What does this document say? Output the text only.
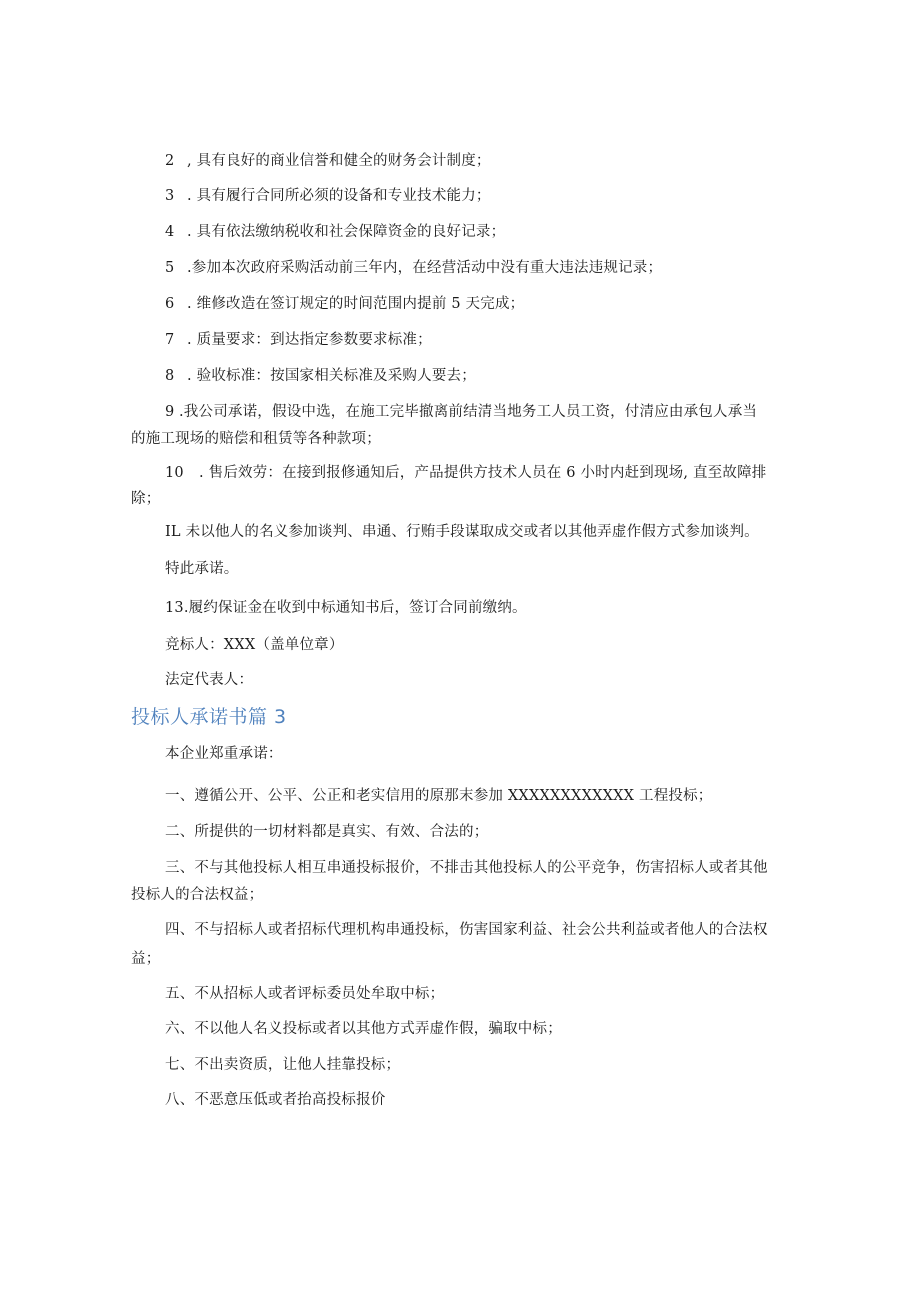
2 , 具有良好的商业信誉和健全的财务会计制度；
3 . 具有履行合同所必须的设备和专业技术能力；
4 . 具有依法缴纳税收和社会保障资金的良好记录；
5 .参加本次政府采购活动前三年内，在经营活动中没有重大违法违规记录；
6 . 维修改造在签订规定的时间范围内提前 5 天完成；
7 . 质量要求：到达指定参数要求标准；
8 . 验收标准：按国家相关标准及采购人要去；
9 .我公司承诺，假设中选，在施工完毕撤离前结清当地务工人员工资，付清应由承包人承当
的施工现场的赔偿和租赁等各种款项；
10 . 售后效劳：在接到报修通知后，产品提供方技术人员在 6 小时内赶到现场, 直至故障排
除；
IL 未以他人的名义参加谈判、串通、行贿手段谋取成交或者以其他弄虚作假方式参加谈判。
特此承诺。
13.履约保证金在收到中标通知书后，签订合同前缴纳。
竞标人：XXX（盖单位章）
法定代表人：
投标人承诺书篇 3
本企业郑重承诺：
一、遵循公开、公平、公正和老实信用的原那末参加 XXXXXXXXXXXX 工程投标；
二、所提供的一切材料都是真实、有效、合法的；
三、不与其他投标人相互串通投标报价，不排击其他投标人的公平竞争，伤害招标人或者其他
投标人的合法权益；
四、不与招标人或者招标代理机构串通投标，伤害国家利益、社会公共利益或者他人的合法权
益；
五、不从招标人或者评标委员处牟取中标；
六、不以他人名义投标或者以其他方式弄虚作假，骗取中标；
七、不出卖资质，让他人挂靠投标；
八、不恶意压低或者抬高投标报价
